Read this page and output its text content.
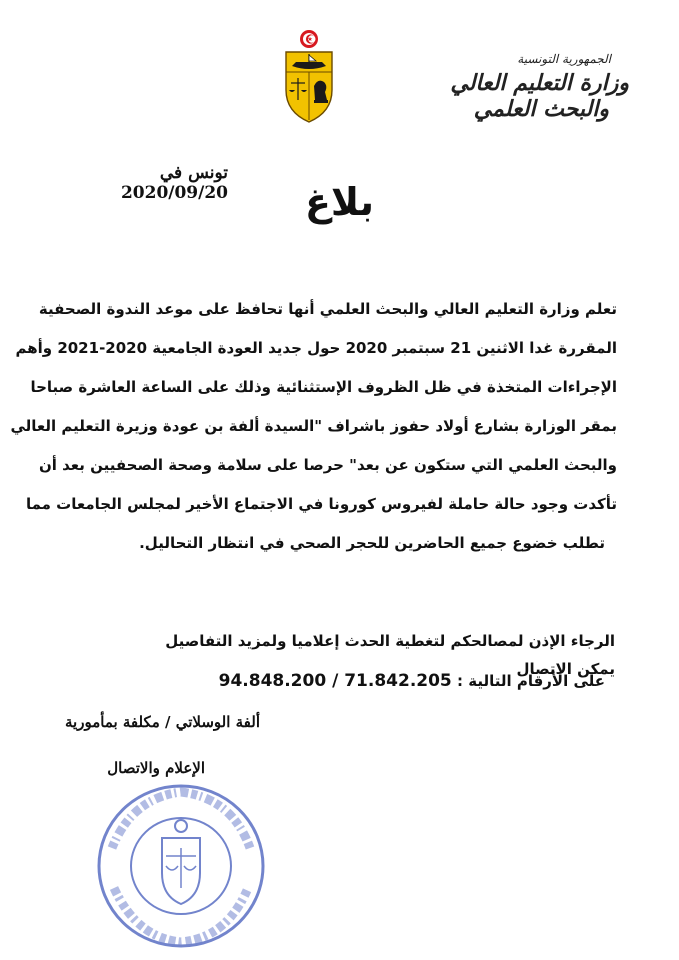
الجمهورية التونسية
وزارة التعليم العالي
والبحث العلمي
تونس في 2020/09/20	بلاغ
تعلم وزارة التعليم العالي والبحث العلمي أنها تحافظ على موعد الندوة الصحفية
المقررة غدا الاثنين 21 سبتمبر 2020 حول جديد العودة الجامعية 2020-2021 وأهم
الإجراءات المتخذة في ظل الظروف الإستثنائية وذلك على الساعة العاشرة صباحا
بمقر الوزارة بشارع أولاد حفوز باشراف "السيدة ألفة بن عودة وزيرة التعليم العالي
والبحث العلمي التي ستكون عن بعد" حرصا على سلامة وصحة الصحفيين بعد أن
تأكدت وجود حالة حاملة لفيروس كورونا في الاجتماع الأخير لمجلس الجامعات مما
تطلب خضوع جميع الحاضرين للحجر الصحي في انتظار التحاليل.
الرجاء الإذن لمصالحكم لتغطية الحدث إعلاميا ولمزيد التفاصيل يمكن الاتصال
على الأرقام التالية : 94.848.200 / 71.842.205
ألفة الوسلاتي / مكلفة بمأمورية
الإعلام والاتصال
